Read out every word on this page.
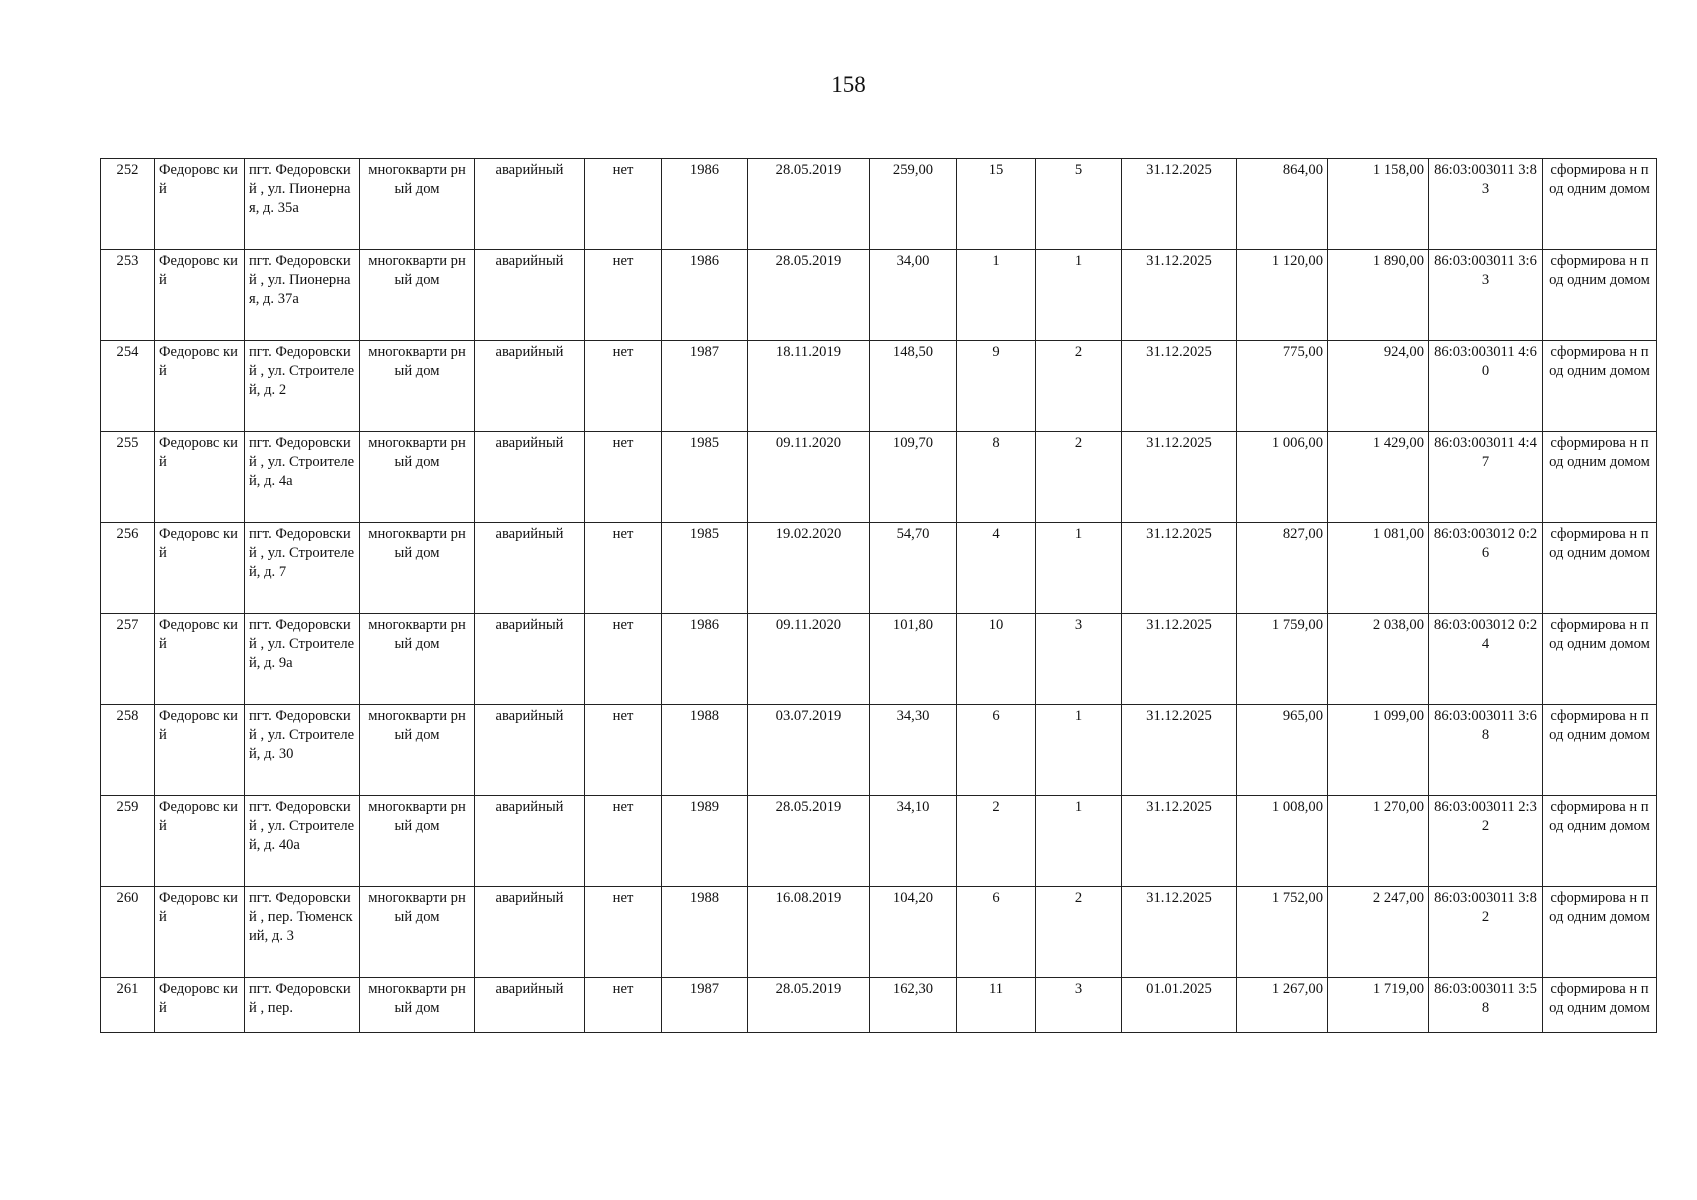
158
252	Федоровс кий	пгт. Федоровский , ул. Пионерная, д. 35а	многокварти рный дом	аварийный	нет	1986	28.05.2019	259,00	15	5	31.12.2025	864,00	1 158,00	86:03:003011 3:83	сформирова н под одним домом
253	Федоровс кий	пгт. Федоровский , ул. Пионерная, д. 37а	многокварти рный дом	аварийный	нет	1986	28.05.2019	34,00	1	1	31.12.2025	1 120,00	1 890,00	86:03:003011 3:63	сформирова н под одним домом
254	Федоровс кий	пгт. Федоровский , ул. Строителей, д. 2	многокварти рный дом	аварийный	нет	1987	18.11.2019	148,50	9	2	31.12.2025	775,00	924,00	86:03:003011 4:60	сформирова н под одним домом
255	Федоровс кий	пгт. Федоровский , ул. Строителей, д. 4а	многокварти рный дом	аварийный	нет	1985	09.11.2020	109,70	8	2	31.12.2025	1 006,00	1 429,00	86:03:003011 4:47	сформирова н под одним домом
256	Федоровс кий	пгт. Федоровский , ул. Строителей, д. 7	многокварти рный дом	аварийный	нет	1985	19.02.2020	54,70	4	1	31.12.2025	827,00	1 081,00	86:03:003012 0:26	сформирова н под одним домом
257	Федоровс кий	пгт. Федоровский , ул. Строителей, д. 9а	многокварти рный дом	аварийный	нет	1986	09.11.2020	101,80	10	3	31.12.2025	1 759,00	2 038,00	86:03:003012 0:24	сформирова н под одним домом
258	Федоровс кий	пгт. Федоровский , ул. Строителей, д. 30	многокварти рный дом	аварийный	нет	1988	03.07.2019	34,30	6	1	31.12.2025	965,00	1 099,00	86:03:003011 3:68	сформирова н под одним домом
259	Федоровс кий	пгт. Федоровский , ул. Строителей, д. 40а	многокварти рный дом	аварийный	нет	1989	28.05.2019	34,10	2	1	31.12.2025	1 008,00	1 270,00	86:03:003011 2:32	сформирова н под одним домом
260	Федоровс кий	пгт. Федоровский , пер. Тюменский, д. 3	многокварти рный дом	аварийный	нет	1988	16.08.2019	104,20	6	2	31.12.2025	1 752,00	2 247,00	86:03:003011 3:82	сформирова н под одним домом
261	Федоровс кий	пгт. Федоровский , пер.	многокварти рный дом	аварийный	нет	1987	28.05.2019	162,30	11	3	01.01.2025	1 267,00	1 719,00	86:03:003011 3:58	сформирова н под одним домом
